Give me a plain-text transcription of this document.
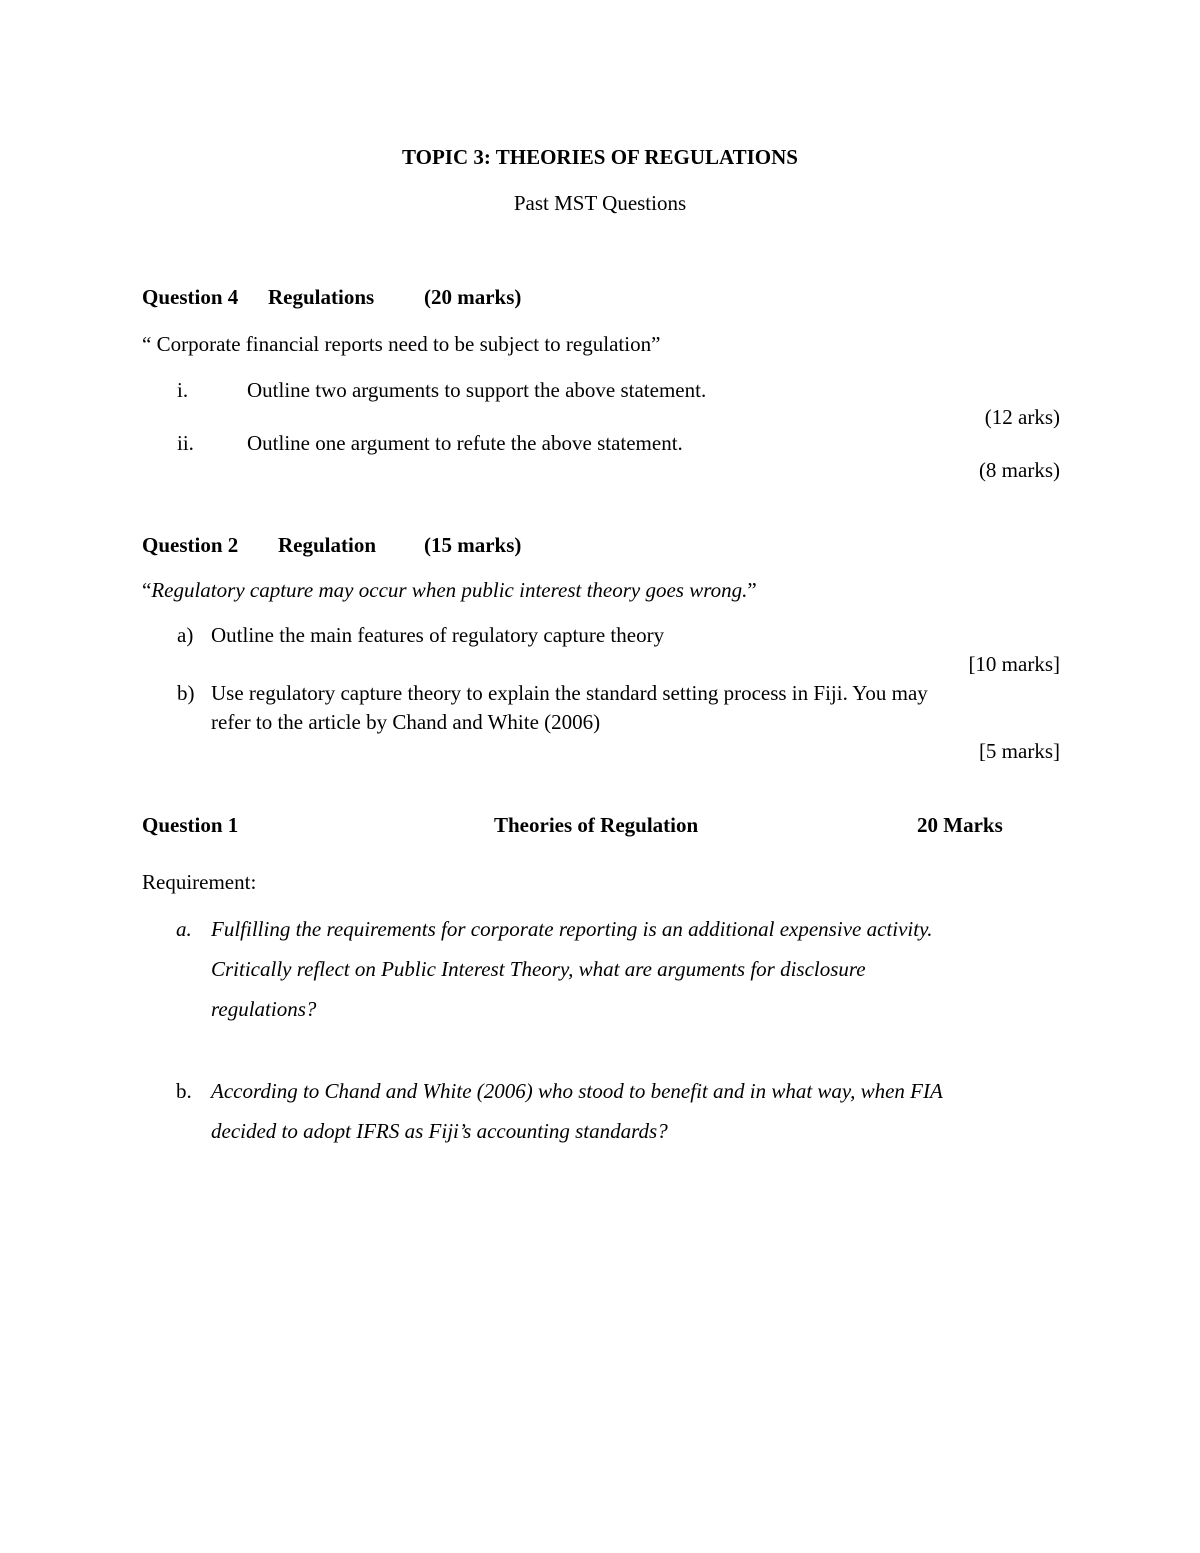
TOPIC 3: THEORIES OF REGULATIONS
Past MST Questions
Question 4 Regulations (20 marks)
“ Corporate financial reports need to be subject to regulation”
i.	Outline two arguments to support the above statement.
(12 arks)
ii.	Outline one argument to refute the above statement.
(8 marks)
Question 2 Regulation (15 marks)
“Regulatory capture may occur when public interest theory goes wrong.”
a) Outline the main features of regulatory capture theory
[10 marks]
b) Use regulatory capture theory to explain the standard setting process in Fiji. You may
refer to the article by Chand and White (2006)
[5 marks]
Question 1	Theories of Regulation	20 Marks
Requirement:
a. Fulfilling the requirements for corporate reporting is an additional expensive activity.
Critically reflect on Public Interest Theory, what are arguments for disclosure
regulations?
b. According to Chand and White (2006) who stood to benefit and in what way, when FIA
decided to adopt IFRS as Fiji’s accounting standards?
